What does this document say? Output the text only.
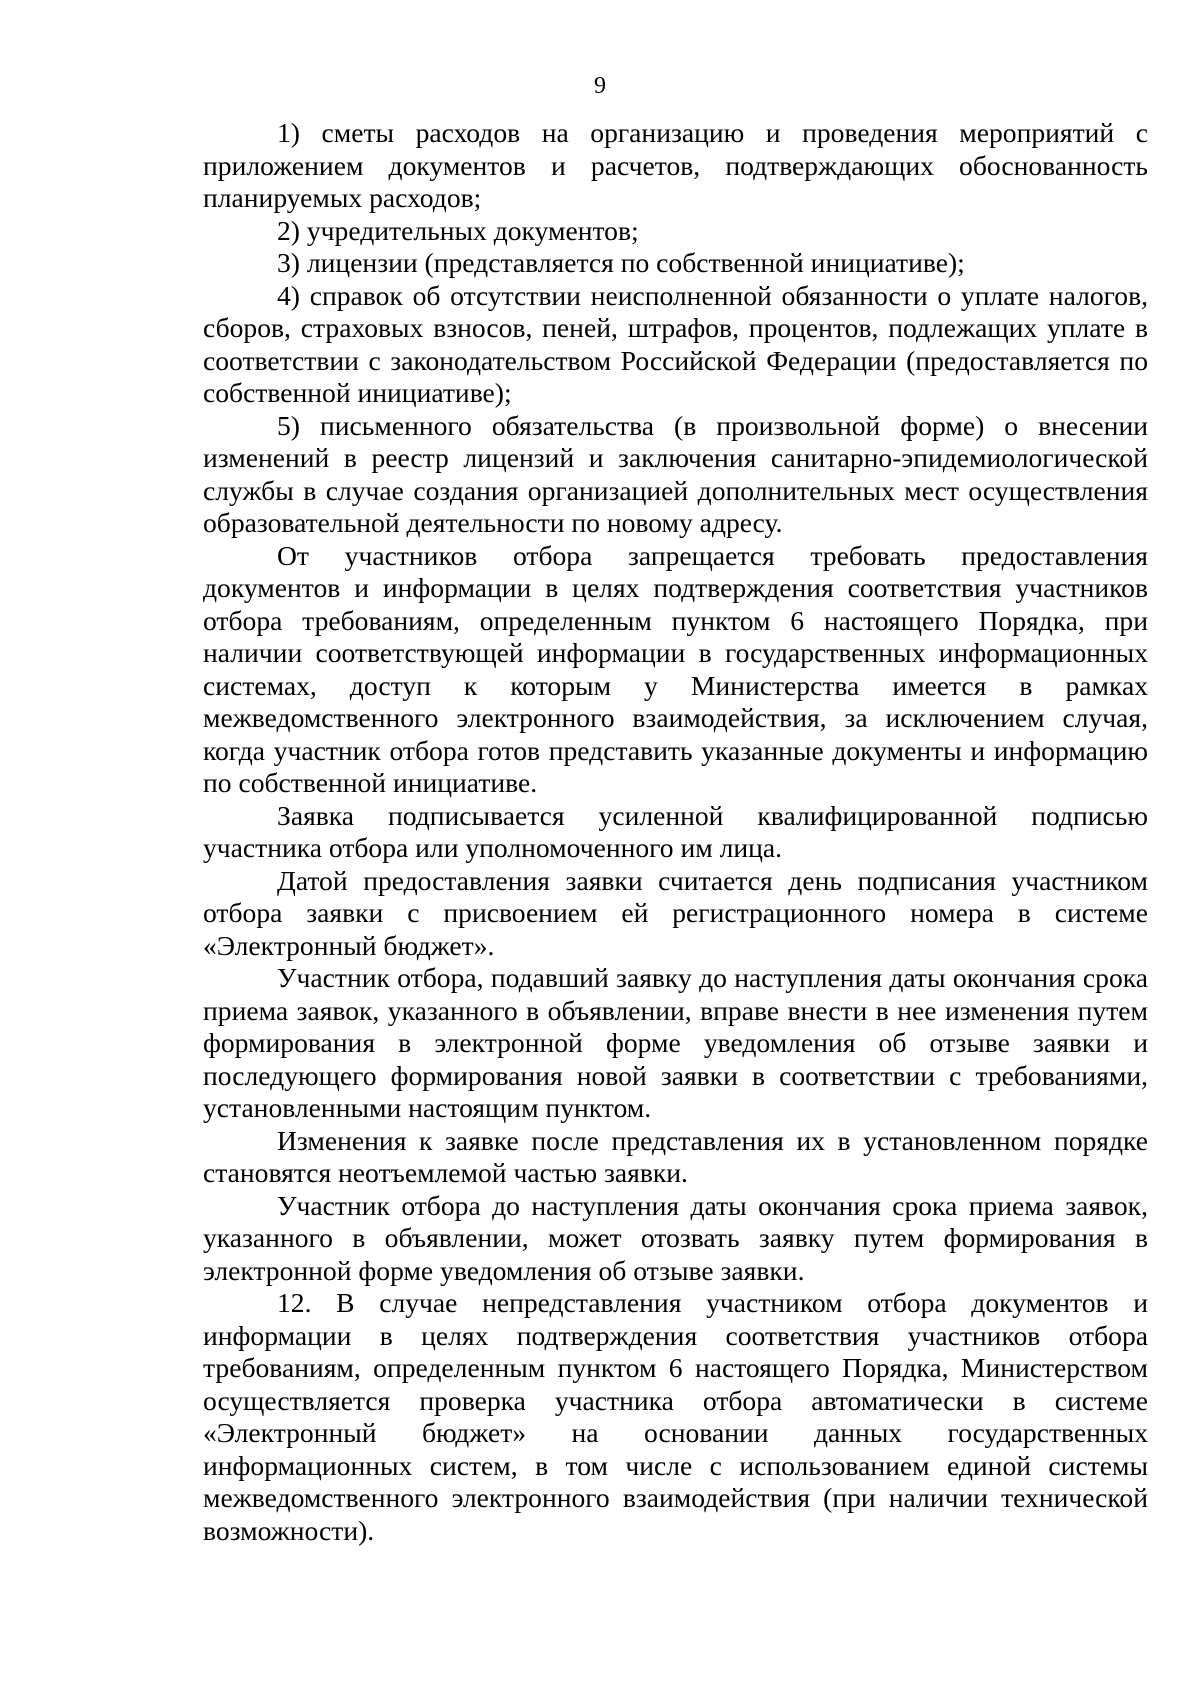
9

1) сметы расходов на организацию и проведения мероприятий с приложением документов и расчетов, подтверждающих обоснованность планируемых расходов;

2) учредительных документов;

3) лицензии (представляется по собственной инициативе);

4) справок об отсутствии неисполненной обязанности о уплате налогов, сборов, страховых взносов, пеней, штрафов, процентов, подлежащих уплате в соответствии с законодательством Российской Федерации (предоставляется по собственной инициативе);

5) письменного обязательства (в произвольной форме) о внесении изменений в реестр лицензий и заключения санитарно-эпидемиологической службы в случае создания организацией дополнительных мест осуществления образовательной деятельности по новому адресу.

От участников отбора запрещается требовать предоставления документов и информации в целях подтверждения соответствия участников отбора требованиям, определенным пунктом 6 настоящего Порядка, при наличии соответствующей информации в государственных информационных системах, доступ к которым у Министерства имеется в рамках межведомственного электронного взаимодействия, за исключением случая, когда участник отбора готов представить указанные документы и информацию по собственной инициативе.

Заявка подписывается усиленной квалифицированной подписью участника отбора или уполномоченного им лица.

Датой предоставления заявки считается день подписания участником отбора заявки с присвоением ей регистрационного номера в системе «Электронный бюджет».

Участник отбора, подавший заявку до наступления даты окончания срока приема заявок, указанного в объявлении, вправе внести в нее изменения путем формирования в электронной форме уведомления об отзыве заявки и последующего формирования новой заявки в соответствии с требованиями, установленными настоящим пунктом.

Изменения к заявке после представления их в установленном порядке становятся неотъемлемой частью заявки.

Участник отбора до наступления даты окончания срока приема заявок, указанного в объявлении, может отозвать заявку путем формирования в электронной форме уведомления об отзыве заявки.

12. В случае непредставления участником отбора документов и информации в целях подтверждения соответствия участников отбора требованиям, определенным пунктом 6 настоящего Порядка, Министерством осуществляется проверка участника отбора автоматически в системе «Электронный бюджет» на основании данных государственных информационных систем, в том числе с использованием единой системы межведомственного электронного взаимодействия (при наличии технической возможности).
